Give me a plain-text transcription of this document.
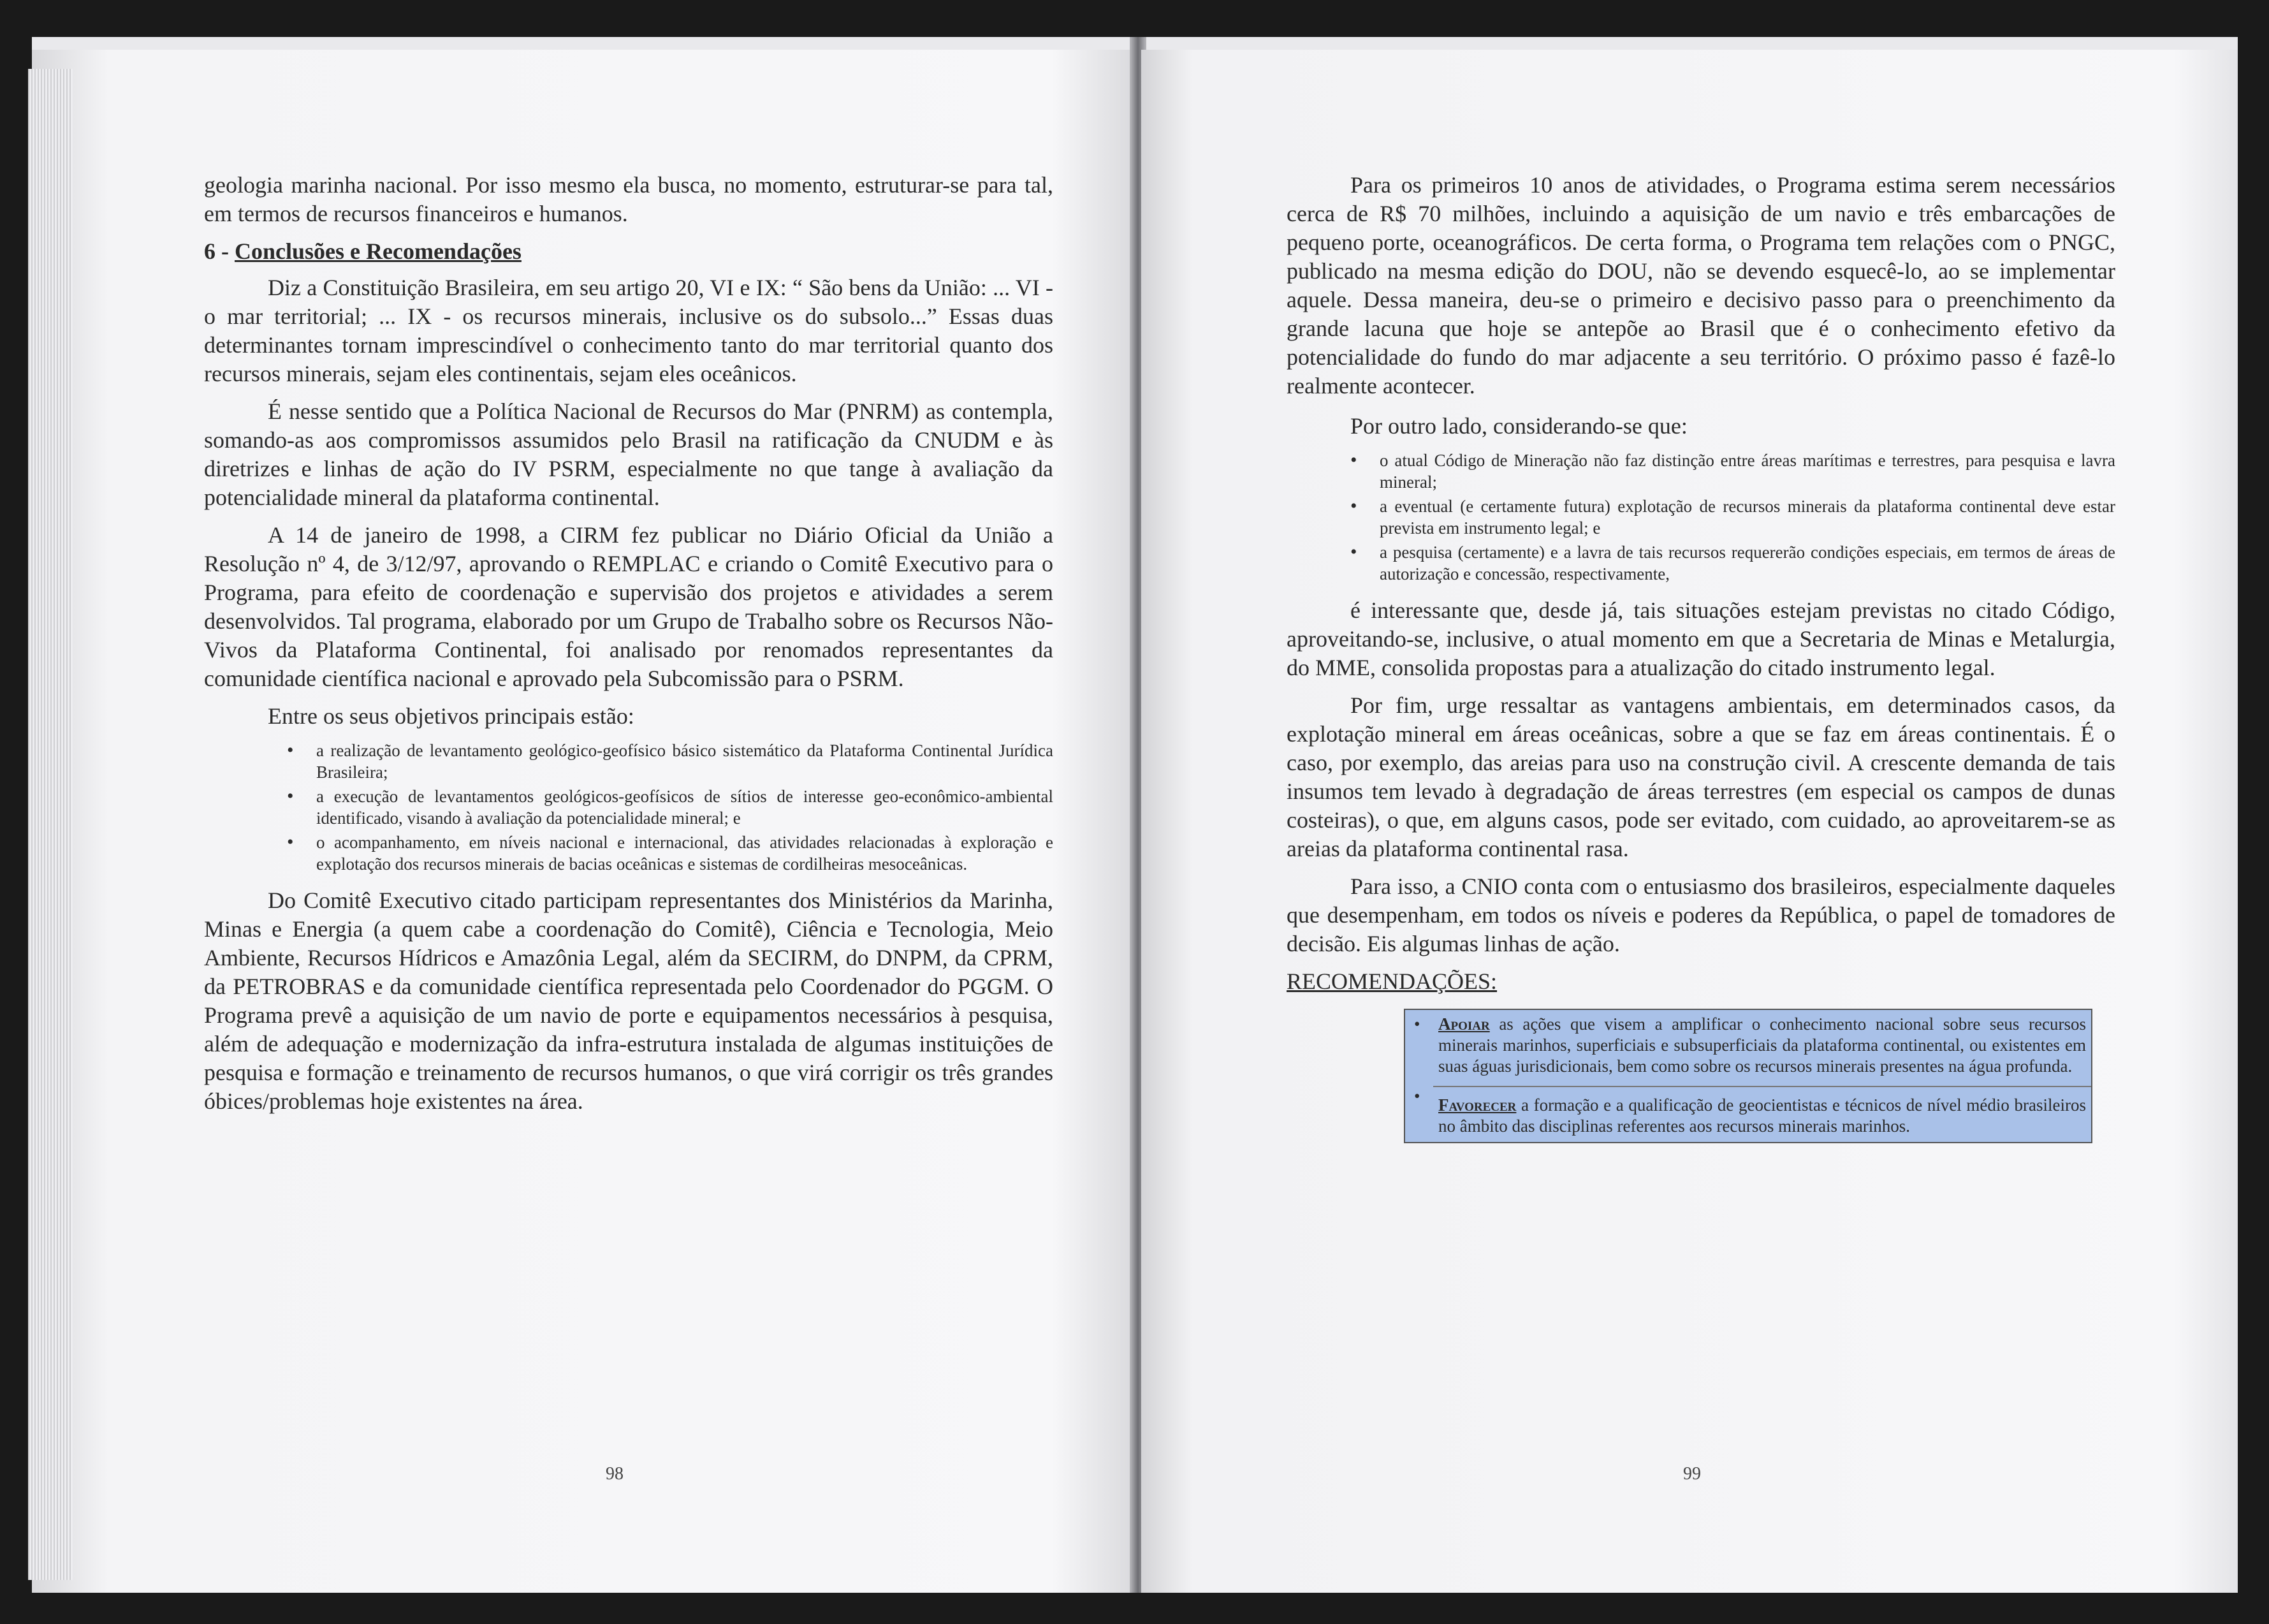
geologia marinha nacional. Por isso mesmo ela busca, no momento, estruturar-se para tal, em termos de recursos financeiros e humanos.

6 - Conclusões e Recomendações

Diz a Constituição Brasileira, em seu artigo 20, VI e IX: “ São bens da União: ... VI - o mar territorial; ... IX - os recursos minerais, inclusive os do subsolo...” Essas duas determinantes tornam imprescindível o conhecimento tanto do mar territorial quanto dos recursos minerais, sejam eles continentais, sejam eles oceânicos.

É nesse sentido que a Política Nacional de Recursos do Mar (PNRM) as contempla, somando-as aos compromissos assumidos pelo Brasil na ratificação da CNUDM e às diretrizes e linhas de ação do IV PSRM, especialmente no que tange à avaliação da potencialidade mineral da plataforma continental.

A 14 de janeiro de 1998, a CIRM fez publicar no Diário Oficial da União a Resolução nº 4, de 3/12/97, aprovando o REMPLAC e criando o Comitê Executivo para o Programa, para efeito de coordenação e supervisão dos projetos e atividades a serem desenvolvidos. Tal programa, elaborado por um Grupo de Trabalho sobre os Recursos Não-Vivos da Plataforma Continental, foi analisado por renomados representantes da comunidade científica nacional e aprovado pela Subcomissão para o PSRM.

Entre os seus objetivos principais estão:

• a realização de levantamento geológico-geofísico básico sistemático da Plataforma Continental Jurídica Brasileira;
• a execução de levantamentos geológicos-geofísicos de sítios de interesse geo-econômico-ambiental identificado, visando à avaliação da potencialidade mineral; e
• o acompanhamento, em níveis nacional e internacional, das atividades relacionadas à exploração e explotação dos recursos minerais de bacias oceânicas e sistemas de cordilheiras mesoceânicas.

Do Comitê Executivo citado participam representantes dos Ministérios da Marinha, Minas e Energia (a quem cabe a coordenação do Comitê), Ciência e Tecnologia, Meio Ambiente, Recursos Hídricos e Amazônia Legal, além da SECIRM, do DNPM, da CPRM, da PETROBRAS e da comunidade científica representada pelo Coordenador do PGGM. O Programa prevê a aquisição de um navio de porte e equipamentos necessários à pesquisa, além de adequação e modernização da infra-estrutura instalada de algumas instituições de pesquisa e formação e treinamento de recursos humanos, o que virá corrigir os três grandes óbices/problemas hoje existentes na área.

98

Para os primeiros 10 anos de atividades, o Programa estima serem necessários cerca de R$ 70 milhões, incluindo a aquisição de um navio e três embarcações de pequeno porte, oceanográficos. De certa forma, o Programa tem relações com o PNGC, publicado na mesma edição do DOU, não se devendo esquecê-lo, ao se implementar aquele. Dessa maneira, deu-se o primeiro e decisivo passo para o preenchimento da grande lacuna que hoje se antepõe ao Brasil que é o conhecimento efetivo da potencialidade do fundo do mar adjacente a seu território. O próximo passo é fazê-lo realmente acontecer.

Por outro lado, considerando-se que:

• o atual Código de Mineração não faz distinção entre áreas marítimas e terrestres, para pesquisa e lavra mineral;
• a eventual (e certamente futura) explotação de recursos minerais da plataforma continental deve estar prevista em instrumento legal; e
• a pesquisa (certamente) e a lavra de tais recursos requererão condições especiais, em termos de áreas de autorização e concessão, respectivamente,

é interessante que, desde já, tais situações estejam previstas no citado Código, aproveitando-se, inclusive, o atual momento em que a Secretaria de Minas e Metalurgia, do MME, consolida propostas para a atualização do citado instrumento legal.

Por fim, urge ressaltar as vantagens ambientais, em determinados casos, da explotação mineral em áreas oceânicas, sobre a que se faz em áreas continentais. É o caso, por exemplo, das areias para uso na construção civil. A crescente demanda de tais insumos tem levado à degradação de áreas terrestres (em especial os campos de dunas costeiras), o que, em alguns casos, pode ser evitado, com cuidado, ao aproveitarem-se as areias da plataforma continental rasa.

Para isso, a CNIO conta com o entusiasmo dos brasileiros, especialmente daqueles que desempenham, em todos os níveis e poderes da República, o papel de tomadores de decisão. Eis algumas linhas de ação.

RECOMENDAÇÕES:
• Apoiar as ações que visem a amplificar o conhecimento nacional sobre seus recursos minerais marinhos, superficiais e subsuperficiais da plataforma continental, ou existentes em suas águas jurisdicionais, bem como sobre os recursos minerais presentes na água profunda.
• Favorecer a formação e a qualificação de geocientistas e técnicos de nível médio brasileiros no âmbito das disciplinas referentes aos recursos minerais marinhos.
99
